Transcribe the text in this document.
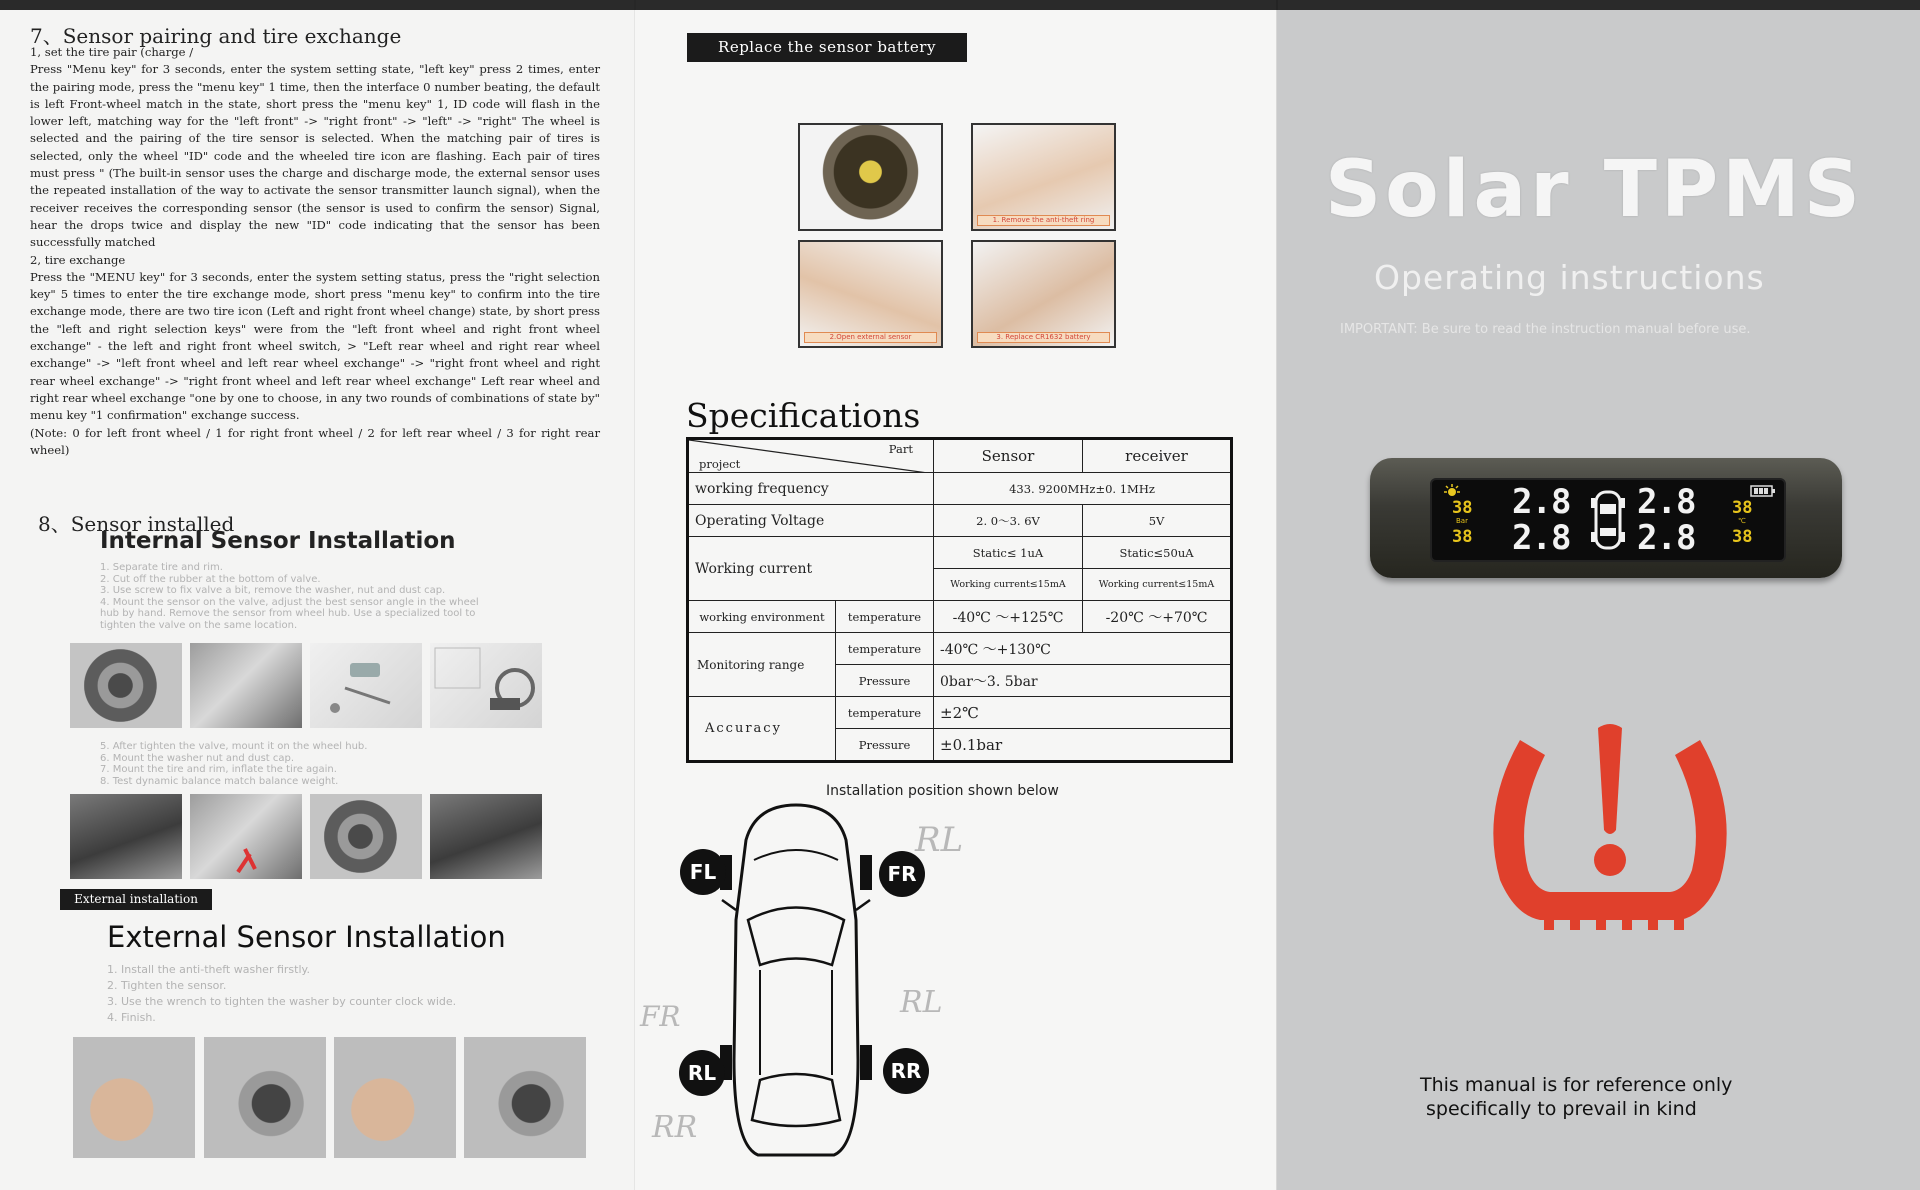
7、Sensor pairing and tire exchange

1, set the tire pair (charge /

Press "Menu key" for 3 seconds, enter the system setting state, "left key" press 2 times, enter the pairing mode, press the "menu key" 1 time, then the interface 0 number beating, the default is left Front-wheel match in the state, short press the "menu key" 1, ID code will flash in the lower left, matching way for the "left front" -> "right front" -> "left" -> "right" The wheel is selected and the pairing of the tire sensor is selected. When the matching pair of tires is selected, only the wheel "ID" code and the wheeled tire icon are flashing. Each pair of tires must press " (The built-in sensor uses the charge and discharge mode, the external sensor uses the repeated installation of the way to activate the sensor transmitter launch signal), when the receiver receives the corresponding sensor (the sensor is used to confirm the sensor) Signal, hear the drops twice and display the new "ID" code indicating that the sensor has been successfully matched

2, tire exchange

Press the "MENU key" for 3 seconds, enter the system setting status, press the "right selection key" 5 times to enter the tire exchange mode, short press "menu key" to confirm into the tire exchange mode, there are two tire icon (Left and right front wheel change) state, by short press the "left and right selection keys" were from the "left front wheel and right front wheel exchange" - the left and right front wheel switch, > "Left rear wheel and right rear wheel exchange" -> "left front wheel and left rear wheel exchange" -> "right front wheel and right rear wheel exchange" -> "right front wheel and left rear wheel exchange" Left rear wheel and right rear wheel exchange "one by one to choose, in any two rounds of combinations of state by" menu key "1 confirmation" exchange success.

(Note: 0 for left front wheel / 1 for right front wheel / 2 for left rear wheel / 3 for right rear wheel)

8、Sensor installed
Internal Sensor Installation
1. Separate tire and rim.
2. Cut off the rubber at the bottom of valve.
3. Use screw to fix valve a bit, remove the washer, nut and dust cap.
4. Mount the sensor on the valve, adjust the best sensor angle in the wheel
hub by hand. Remove the sensor from wheel hub. Use a specialized tool to
tighten the valve on the same location.
5. After tighten the valve, mount it on the wheel hub.
6. Mount the washer nut and dust cap.
7. Mount the tire and rim, inflate the tire again.
8. Test dynamic balance match balance weight.
External installation
External Sensor Installation
1. Install the anti-theft washer firstly.
2. Tighten the sensor.
3. Use the wrench to tighten the washer by counter clock wide.
4. Finish.
Replace the sensor battery
1. Remove the anti-theft ring
2.Open external sensor	3. Replace CR1632 battery
Specifications
Part
project		Sensor	receiver
working frequency		433. 9200MHz±0. 1MHz	
Operating Voltage		2. 0～3. 6V	5V
Working current		Static≤ 1uA	Static≤50uA
		Working current≤15mA	Working current≤15mA
working environment	temperature	-40℃ ～+125℃	-20℃ ～+70℃
Monitoring range	temperature	-40℃ ～+130℃	
	Pressure	0bar～3. 5bar	
Accuracy	temperature	±2℃	
	Pressure	±0.1bar	
Installation position shown below
FL	FR
RL	RR
RL
RL
FR
RR
Solar TPMS
Operating instructions
IMPORTANT: Be sure to read the instruction manual before use.
38
Bar
38
2.8
2.8
2.8
2.8
38
℃
38
This manual is for reference only
specifically to prevail in kind
